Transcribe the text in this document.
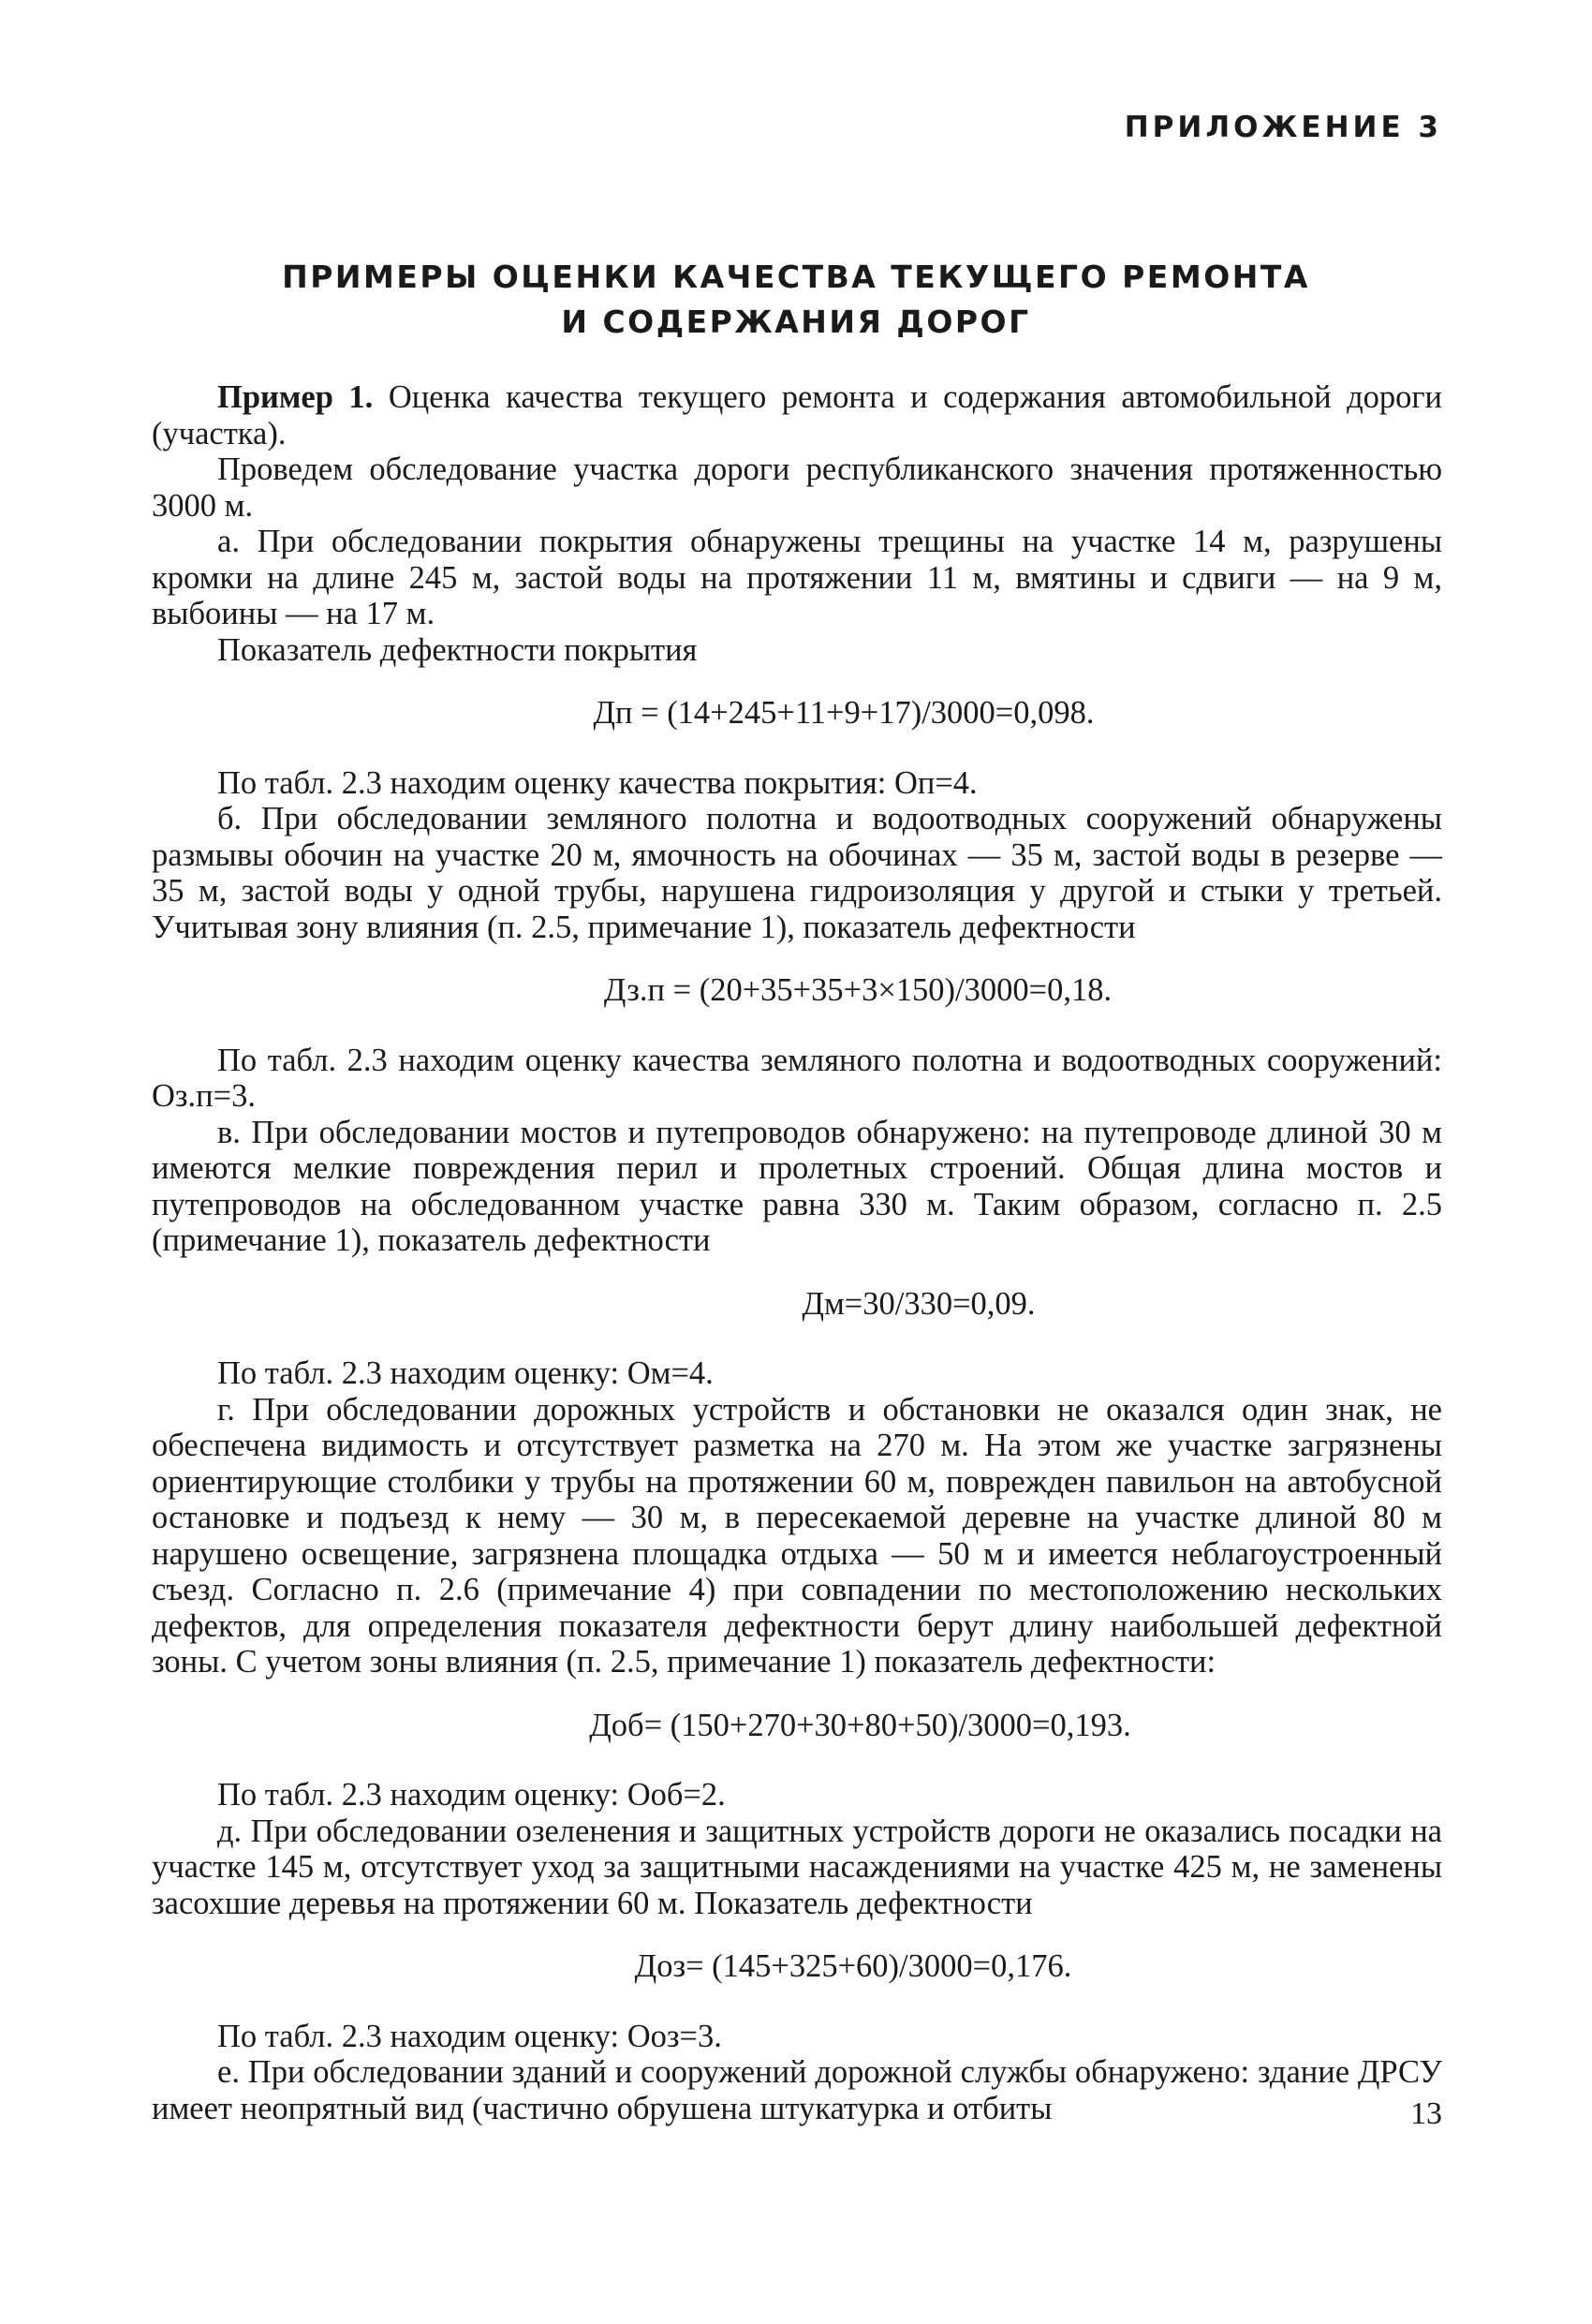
ПРИЛОЖЕНИЕ 3
ПРИМЕРЫ ОЦЕНКИ КАЧЕСТВА ТЕКУЩЕГО РЕМОНТА
И СОДЕРЖАНИЯ ДОРОГ

Пример 1. Оценка качества текущего ремонта и содержания автомобильной дороги (участка).

Проведем обследование участка дороги республиканского значения протяженностью 3000 м.

а. При обследовании покрытия обнаружены трещины на участке 14 м, разрушены кромки на длине 245 м, застой воды на протяжении 11 м, вмятины и сдвиги — на 9 м, выбоины — на 17 м.

Показатель дефектности покрытия

Дп = (14+245+11+9+17)/3000=0,098.

По табл. 2.3 находим оценку качества покрытия: Оп=4.

б. При обследовании земляного полотна и водоотводных сооружений обнаружены размывы обочин на участке 20 м, ямочность на обочинах — 35 м, застой воды в резерве — 35 м, застой воды у одной трубы, нарушена гидроизоляция у другой и стыки у третьей. Учитывая зону влияния (п. 2.5, примечание 1), показатель дефектности

Дз.п = (20+35+35+3×150)/3000=0,18.

По табл. 2.3 находим оценку качества земляного полотна и водоотводных сооружений: Оз.п=3.

в. При обследовании мостов и путепроводов обнаружено: на путепроводе длиной 30 м имеются мелкие повреждения перил и пролетных строений. Общая длина мостов и путепроводов на обследованном участке равна 330 м. Таким образом, согласно п. 2.5 (примечание 1), показатель дефектности

Дм=30/330=0,09.

По табл. 2.3 находим оценку: Ом=4.

г. При обследовании дорожных устройств и обстановки не оказался один знак, не обеспечена видимость и отсутствует разметка на 270 м. На этом же участке загрязнены ориентирующие столбики у трубы на протяжении 60 м, поврежден павильон на автобусной остановке и подъезд к нему — 30 м, в пересекаемой деревне на участке длиной 80 м нарушено освещение, загрязнена площадка отдыха — 50 м и имеется неблагоустроенный съезд. Согласно п. 2.6 (примечание 4) при совпадении по местоположению нескольких дефектов, для определения показателя дефектности берут длину наибольшей дефектной зоны. С учетом зоны влияния (п. 2.5, примечание 1) показатель дефектности:

Доб= (150+270+30+80+50)/3000=0,193.

По табл. 2.3 находим оценку: Ооб=2.

д. При обследовании озеленения и защитных устройств дороги не оказались посадки на участке 145 м, отсутствует уход за защитными насаждениями на участке 425 м, не заменены засохшие деревья на протяжении 60 м. Показатель дефектности

Доз= (145+325+60)/3000=0,176.

По табл. 2.3 находим оценку: Ооз=3.

е. При обследовании зданий и сооружений дорожной службы обнаружено: здание ДРСУ имеет неопрятный вид (частично обрушена штукатурка и отбиты	13
